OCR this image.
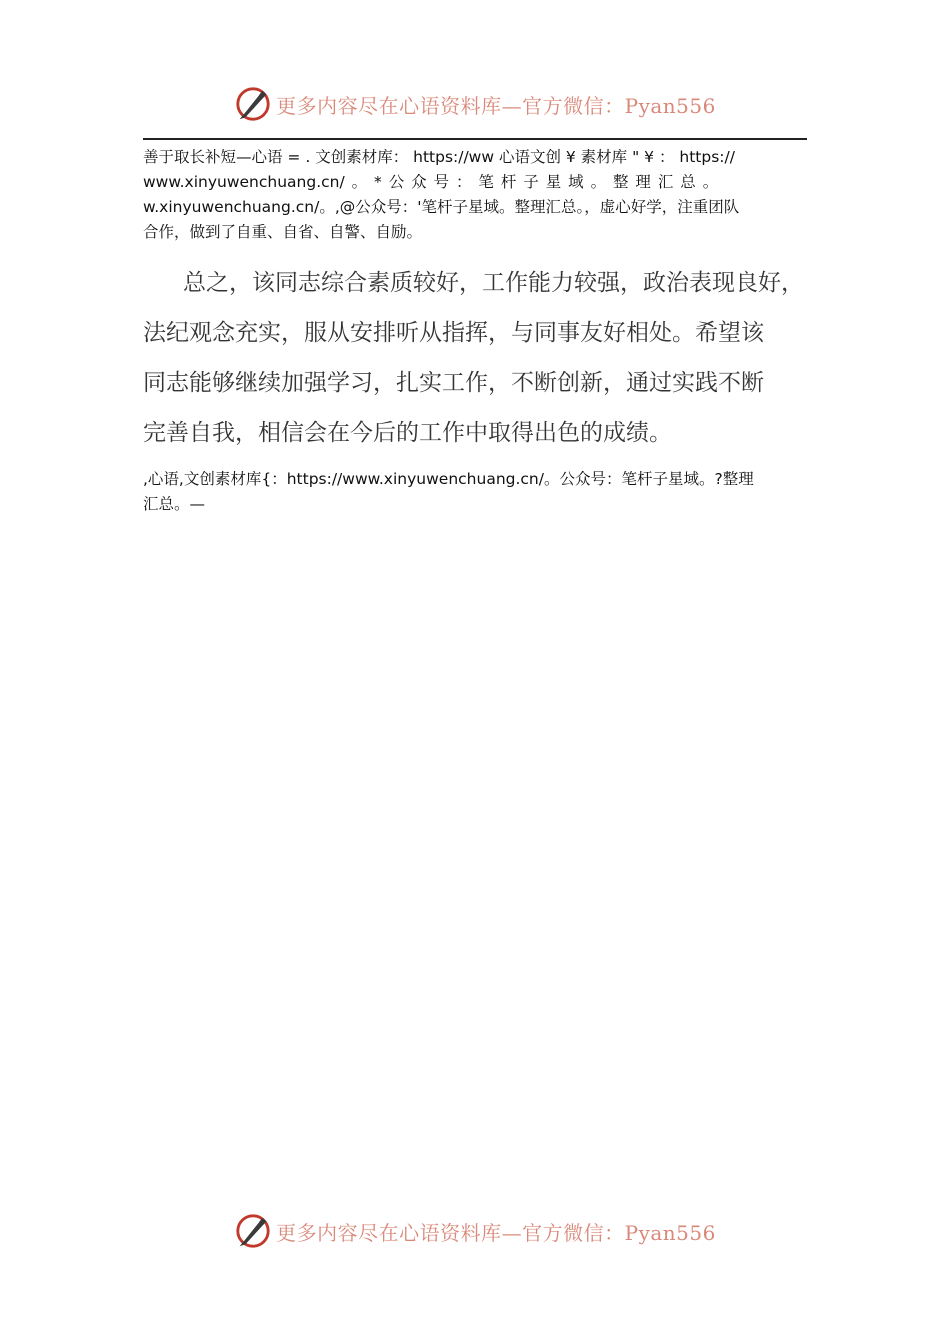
更多内容尽在心语资料库—官方微信：Pyan556
善于取长补短—心语 = . 文创素材库： https://ww 心语文创 ¥ 素材库 " ¥ ： https://
www.xinyuwenchuang.cn/ 。 * 公 众 号 ： 笔 杆 子 星 域 。 整 理 汇 总 。
w.xinyuwenchuang.cn/。,@公众号：'笔杆子星域。整理汇总。，虚心好学，注重团队
合作，做到了自重、自省、自警、自励。
总之，该同志综合素质较好，工作能力较强，政治表现良好，
法纪观念充实，服从安排听从指挥，与同事友好相处。希望该
同志能够继续加强学习，扎实工作，不断创新，通过实践不断
完善自我，相信会在今后的工作中取得出色的成绩。
,心语,文创素材库{：https://www.xinyuwenchuang.cn/。公众号：笔杆子星域。?整理
汇总。—
更多内容尽在心语资料库—官方微信：Pyan556
